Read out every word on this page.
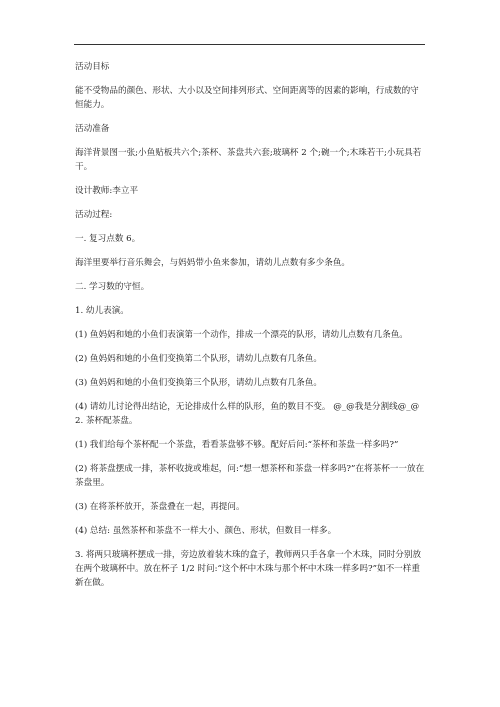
活动目标

能不受物品的颜色、形状、大小以及空间排列形式、空间距离等的因素的影响，行成数的守恒能力。

活动准备

海洋背景图一张;小鱼贴板共六个;茶杯、茶盘共六套;玻璃杯 2 个;碗一个;木珠若干;小玩具若干。

设计教师:李立平

活动过程:

一. 复习点数 6。

海洋里要举行音乐舞会，与妈妈带小鱼来参加，请幼儿点数有多少条鱼。

二. 学习数的守恒。

1. 幼儿表演。

(1) 鱼妈妈和她的小鱼们表演第一个动作，排成一个漂亮的队形，请幼儿点数有几条鱼。

(2) 鱼妈妈和她的小鱼们变换第二个队形，请幼儿点数有几条鱼。

(3) 鱼妈妈和她的小鱼们变换第三个队形，请幼儿点数有几条鱼。

(4) 请幼儿讨论得出结论，无论排成什么样的队形，鱼的数目不变。 @_@我是分割线@_@2. 茶杯配茶盘。

(1) 我们给每个茶杯配一个茶盘，看看茶盘够不够。配好后问:“茶杯和茶盘一样多吗?”

(2) 将茶盘摆成一排，茶杯收拢或堆起，问:“想一想茶杯和茶盘一样多吗?”在将茶杯一一放在茶盘里。

(3) 在将茶杯放开，茶盘叠在一起，再提问。

(4) 总结: 虽然茶杯和茶盘不一样大小、颜色、形状，但数目一样多。

3. 将两只玻璃杯摆成一排，旁边放着装木珠的盒子，教师两只手各拿一个木珠，同时分别放在两个玻璃杯中。放在杯子 1/2 时问:“这个杯中木珠与那个杯中木珠一样多吗?”如不一样重新在做。
